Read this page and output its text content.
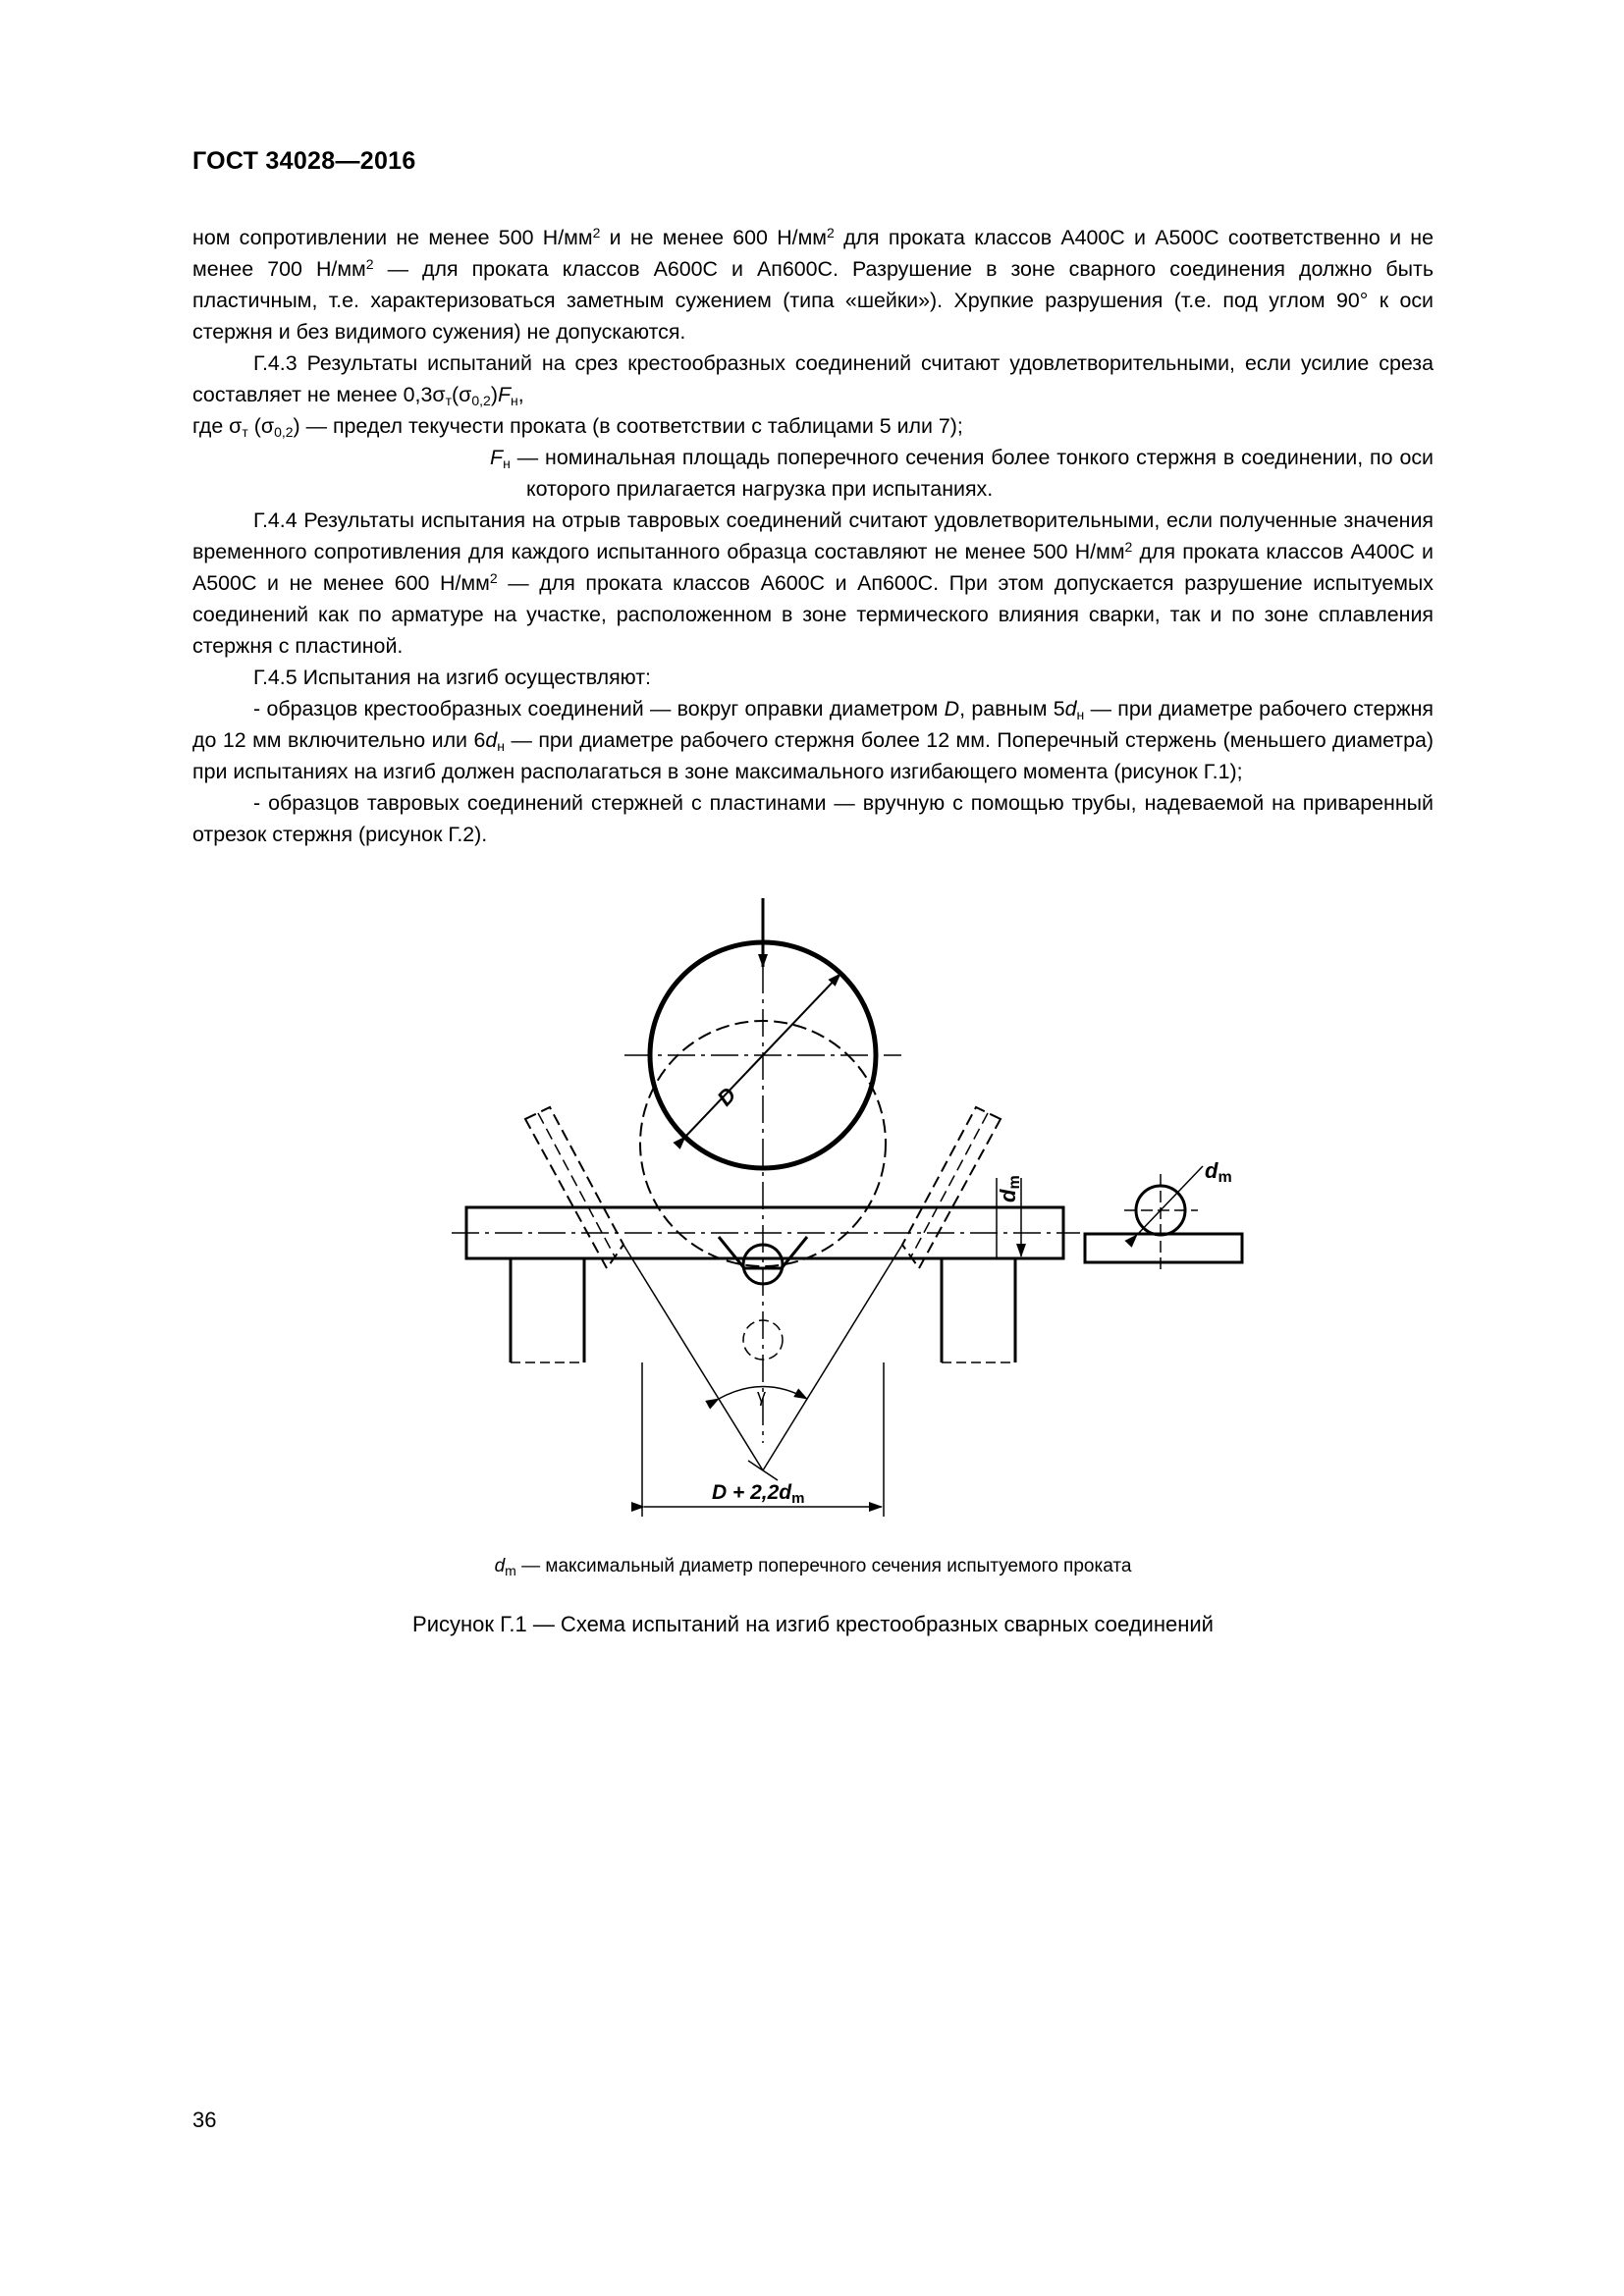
ГОСТ 34028—2016

ном сопротивлении не менее 500 $Н/мм^2$ и не менее 600 $Н/мм^2$ для проката классов А400С и А500С соответственно и не менее 700 $Н/мм^2$ — для проката классов А600С и Ап600С. Разрушение в зоне сварного соединения должно быть пластичным, т.е. характеризоваться заметным сужением (типа «шейки»). Хрупкие разрушения (т.е. под углом 90° к оси стержня и без видимого сужения) не допускаются.

Г.4.3 Результаты испытаний на срез крестообразных соединений считают удовлетворительными, если усилие среза составляет не менее $0,3\sigma_т(\sigma_{0,2})F_н$,

где $\sigma_т$ $(\sigma_{0,2})$ — предел текучести проката (в соответствии с таблицами 5 или 7);

$F_н$ — номинальная площадь поперечного сечения более тонкого стержня в соединении, по оси которого прилагается нагрузка при испытаниях.

Г.4.4 Результаты испытания на отрыв тавровых соединений считают удовлетворительными, если полученные значения временного сопротивления для каждого испытанного образца составляют не менее 500 $Н/мм^2$ для проката классов А400С и А500С и не менее 600 $Н/мм^2$ — для проката классов А600С и Ап600С. При этом допускается разрушение испытуемых соединений как по арматуре на участке, расположенном в зоне термического влияния сварки, так и по зоне сплавления стержня с пластиной.

Г.4.5 Испытания на изгиб осуществляют:

- образцов крестообразных соединений — вокруг оправки диаметром D, равным $5d_н$ — при диаметре рабочего стержня до 12 мм включительно или $6d_н$ — при диаметре рабочего стержня более 12 мм. Поперечный стержень (меньшего диаметра) при испытаниях на изгиб должен располагаться в зоне максимального изгибающего момента (рисунок Г.1);

- образцов тавровых соединений стержней с пластинами — вручную с помощью трубы, надеваемой на приваренный отрезок стержня (рисунок Г.2).

D
γ
dm	dm
D + 2,2dm
$d_m$ — максимальный диаметр поперечного сечения испытуемого проката
Рисунок Г.1 — Схема испытаний на изгиб крестообразных сварных соединений
36
